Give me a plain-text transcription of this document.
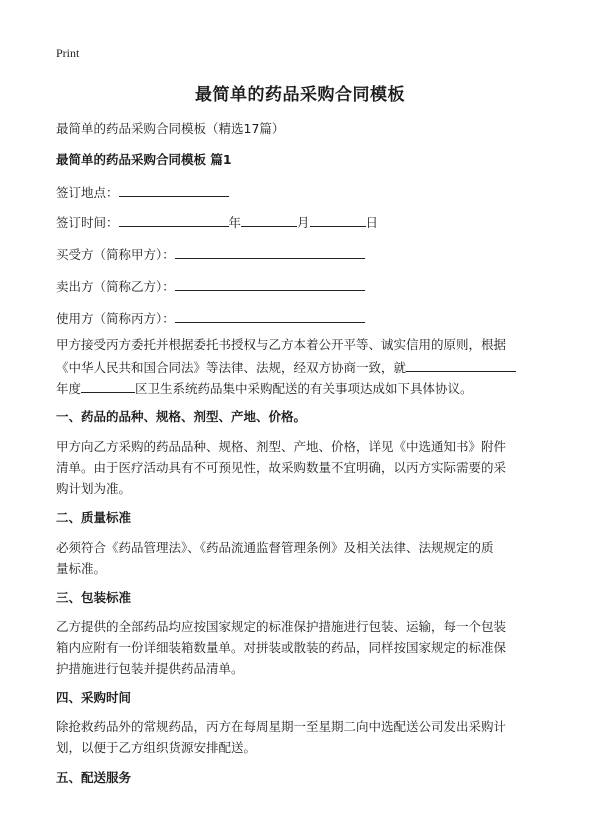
Print
最简单的药品采购合同模板
最简单的药品采购合同模板（精选17篇）
最简单的药品采购合同模板 篇1
签订地点：
签订时间：	年	月	日
买受方（简称甲方）：
卖出方（简称乙方）：
使用方（简称丙方）：
甲方接受丙方委托并根据委托书授权与乙方本着公开平等、诚实信用的原则，根据
《中华人民共和国合同法》等法律、法规，经双方协商一致，就
年度	区卫生系统药品集中采购配送的有关事项达成如下具体协议。
一、药品的品种、规格、剂型、产地、价格。
甲方向乙方采购的药品品种、规格、剂型、产地、价格，详见《中选通知书》附件
清单。由于医疗活动具有不可预见性，故采购数量不宜明确，以丙方实际需要的采
购计划为准。
二、质量标准
必须符合《药品管理法》、《药品流通监督管理条例》及相关法律、法规规定的质
量标准。
三、包装标准
乙方提供的全部药品均应按国家规定的标准保护措施进行包装、运输，每一个包装
箱内应附有一份详细装箱数量单。对拼装或散装的药品，同样按国家规定的标准保
护措施进行包装并提供药品清单。
四、采购时间
除抢救药品外的常规药品，丙方在每周星期一至星期二向中选配送公司发出采购计
划，以便于乙方组织货源安排配送。
五、配送服务
